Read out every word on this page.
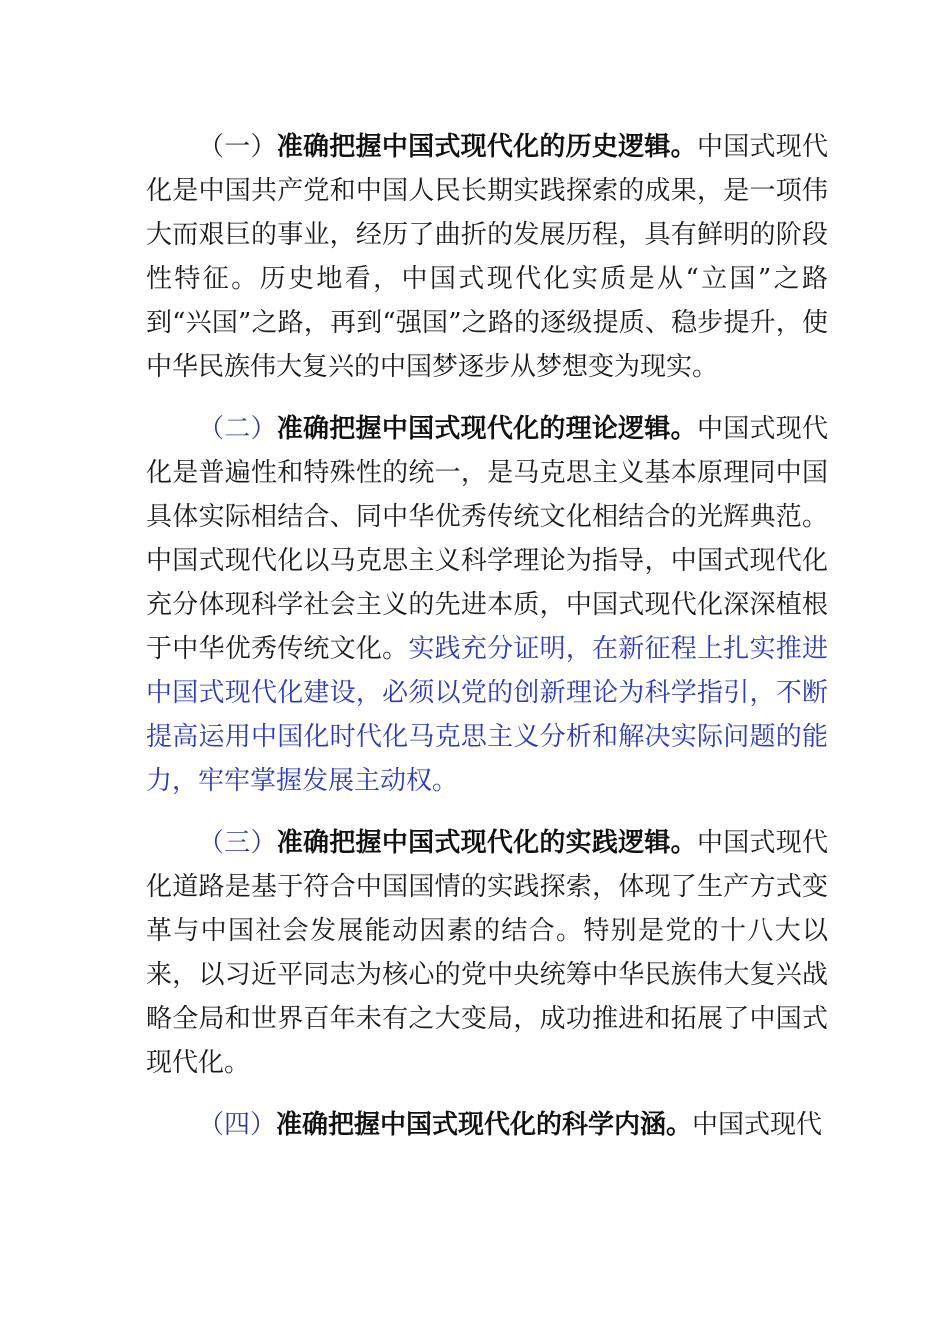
（一）准确把握中国式现代化的历史逻辑。中国式现代化是中国共产党和中国人民长期实践探索的成果，是一项伟大而艰巨的事业，经历了曲折的发展历程，具有鲜明的阶段性特征。历史地看，中国式现代化实质是从“立国”之路到“兴国”之路，再到“强国”之路的逐级提质、稳步提升，使中华民族伟大复兴的中国梦逐步从梦想变为现实。

（二）准确把握中国式现代化的理论逻辑。中国式现代化是普遍性和特殊性的统一，是马克思主义基本原理同中国具体实际相结合、同中华优秀传统文化相结合的光辉典范。中国式现代化以马克思主义科学理论为指导，中国式现代化充分体现科学社会主义的先进本质，中国式现代化深深植根于中华优秀传统文化。实践充分证明，在新征程上扎实推进中国式现代化建设，必须以党的创新理论为科学指引，不断提高运用中国化时代化马克思主义分析和解决实际问题的能力，牢牢掌握发展主动权。

（三）准确把握中国式现代化的实践逻辑。中国式现代化道路是基于符合中国国情的实践探索，体现了生产方式变革与中国社会发展能动因素的结合。特别是党的十八大以来，以习近平同志为核心的党中央统筹中华民族伟大复兴战略全局和世界百年未有之大变局，成功推进和拓展了中国式现代化。

（四）准确把握中国式现代化的科学内涵。中国式现代
